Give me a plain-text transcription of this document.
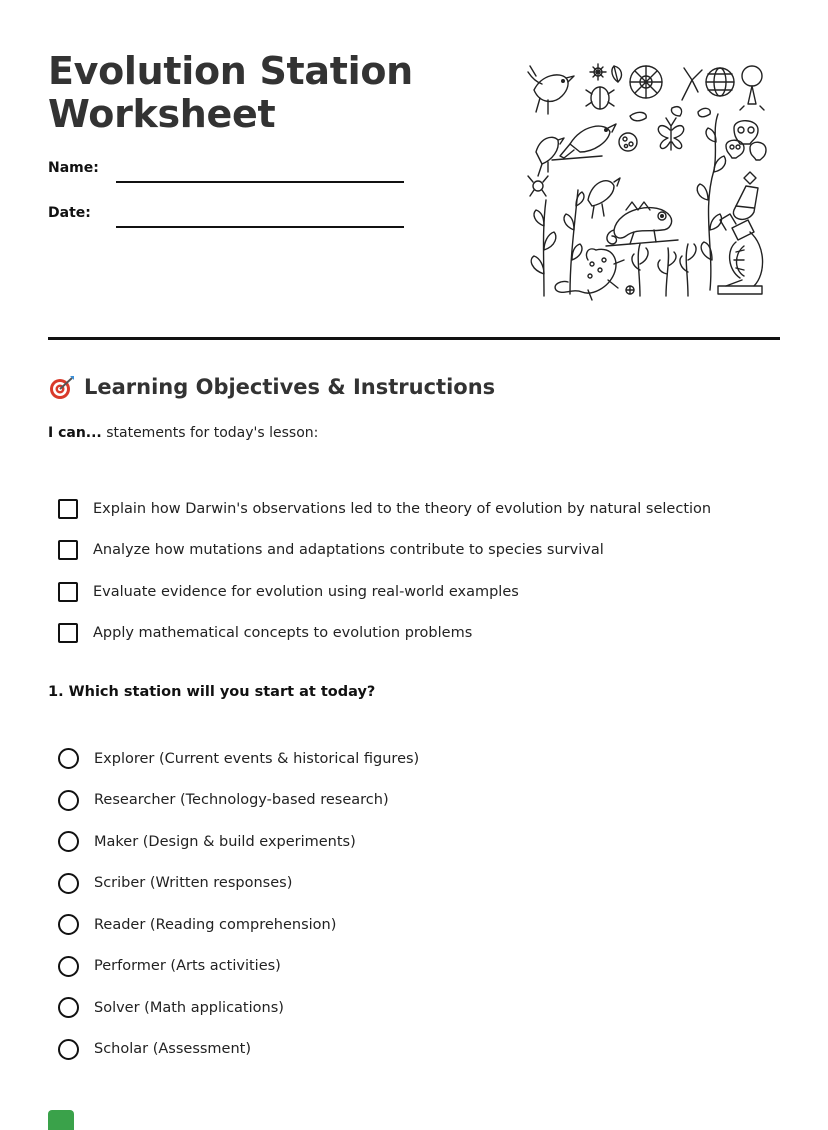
Evolution Station Worksheet
Name:
Date:
Learning Objectives & Instructions
I can... statements for today's lesson:
Explain how Darwin's observations led to the theory of evolution by natural selection
Analyze how mutations and adaptations contribute to species survival
Evaluate evidence for evolution using real-world examples
Apply mathematical concepts to evolution problems
1. Which station will you start at today?
Explorer (Current events & historical figures)
Researcher (Technology-based research)
Maker (Design & build experiments)
Scriber (Written responses)
Reader (Reading comprehension)
Performer (Arts activities)
Solver (Math applications)
Scholar (Assessment)
